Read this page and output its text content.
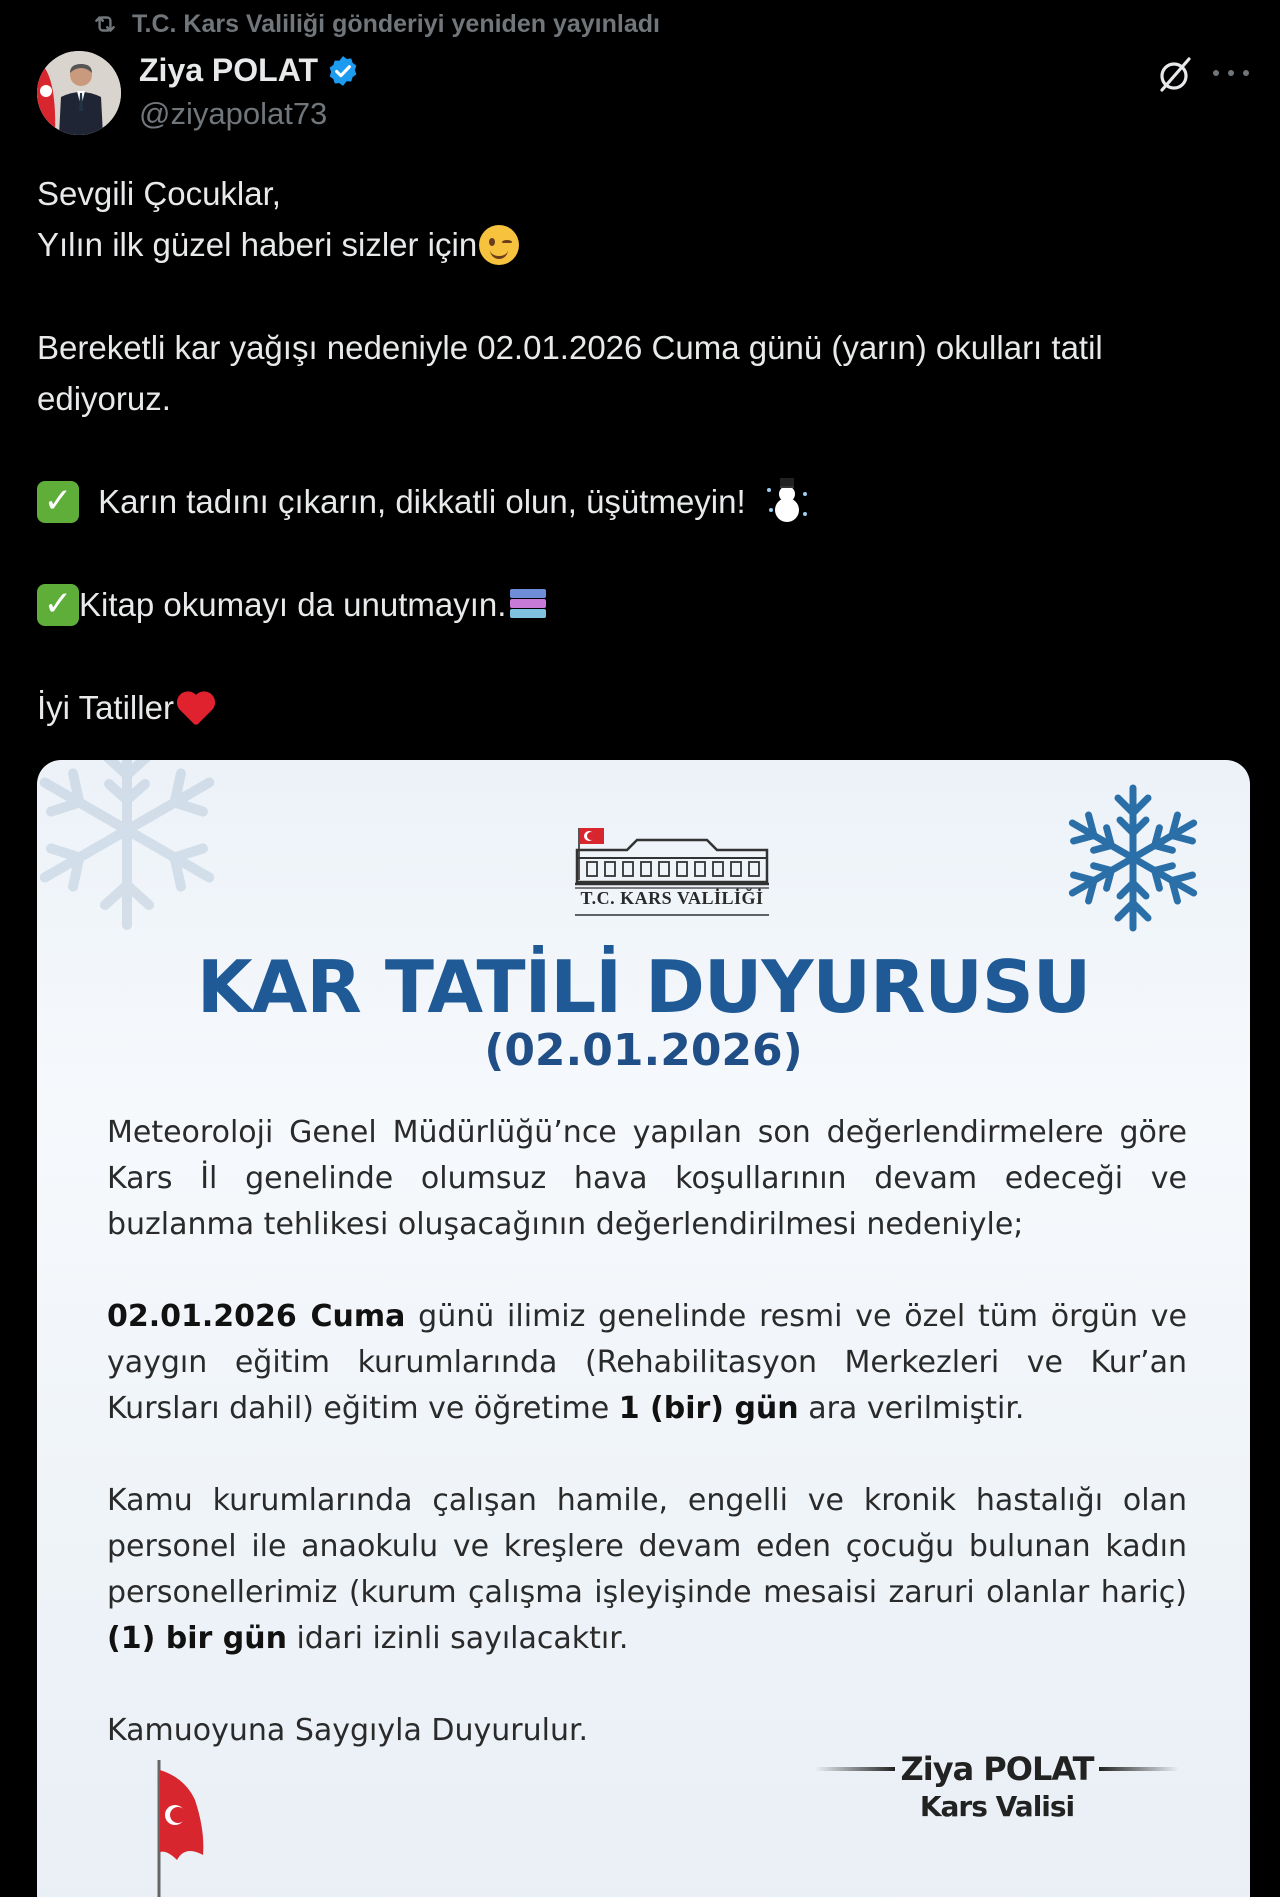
T.C. Kars Valiliği gönderiyi yeniden yayınladı
Ziya POLAT
@ziyapolat73
Sevgili Çocuklar,
Yılın ilk güzel haberi sizler için
Bereketli kar yağışı nedeniyle 02.01.2026 Cuma günü (yarın) okulları tatil
ediyoruz.
✓ Karın tadını çıkarın, dikkatli olun, üşütmeyin!

✓ Kitap okumayı da unutmayın.

İyi Tatiller
T.C. KARS VALİLİĞİ
KAR TATİLİ DUYURUSU
(02.01.2026)

Meteoroloji Genel Müdürlüğü’nce yapılan son değerlendirmelere göre Kars İl genelinde olumsuz hava koşullarının devam edeceği ve buzlanma tehlikesi oluşacağının değerlendirilmesi nedeniyle;

02.01.2026 Cuma günü ilimiz genelinde resmi ve özel tüm örgün ve yaygın eğitim kurumlarında (Rehabilitasyon Merkezleri ve Kur’an Kursları dahil) eğitim ve öğretime 1 (bir) gün ara verilmiştir.

Kamu kurumlarında çalışan hamile, engelli ve kronik hastalığı olan personel ile anaokulu ve kreşlere devam eden çocuğu bulunan kadın personellerimiz (kurum çalışma işleyişinde mesaisi zaruri olanlar hariç) (1) bir gün idari izinli sayılacaktır.

Kamuoyuna Saygıyla Duyurulur.

Ziya POLAT
Kars Valisi
